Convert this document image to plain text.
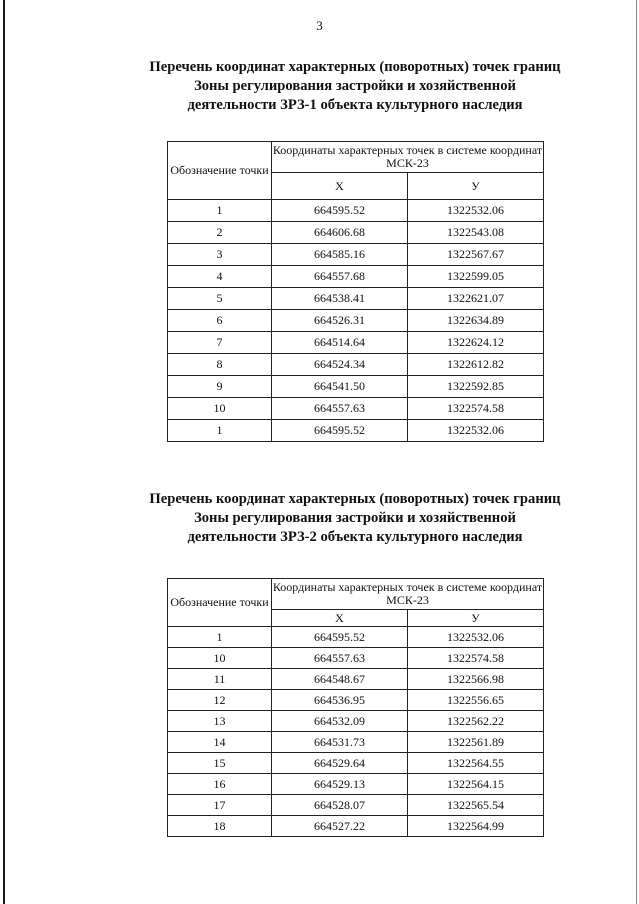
3
Перечень координат характерных (поворотных) точек границ
Зоны регулирования застройки и хозяйственной
деятельности ЗРЗ-1 объекта культурного наследия
Обозначение точки	Координаты характерных точек в системе координат МСК-23	
	X	У
1	664595.52	1322532.06
2	664606.68	1322543.08
3	664585.16	1322567.67
4	664557.68	1322599.05
5	664538.41	1322621.07
6	664526.31	1322634.89
7	664514.64	1322624.12
8	664524.34	1322612.82
9	664541.50	1322592.85
10	664557.63	1322574.58
1	664595.52	1322532.06
Перечень координат характерных (поворотных) точек границ
Зоны регулирования застройки и хозяйственной
деятельности ЗРЗ-2 объекта культурного наследия
Обозначение точки	Координаты характерных точек в системе координат МСК-23	
	X	У
1	664595.52	1322532.06
10	664557.63	1322574.58
11	664548.67	1322566.98
12	664536.95	1322556.65
13	664532.09	1322562.22
14	664531.73	1322561.89
15	664529.64	1322564.55
16	664529.13	1322564.15
17	664528.07	1322565.54
18	664527.22	1322564.99
